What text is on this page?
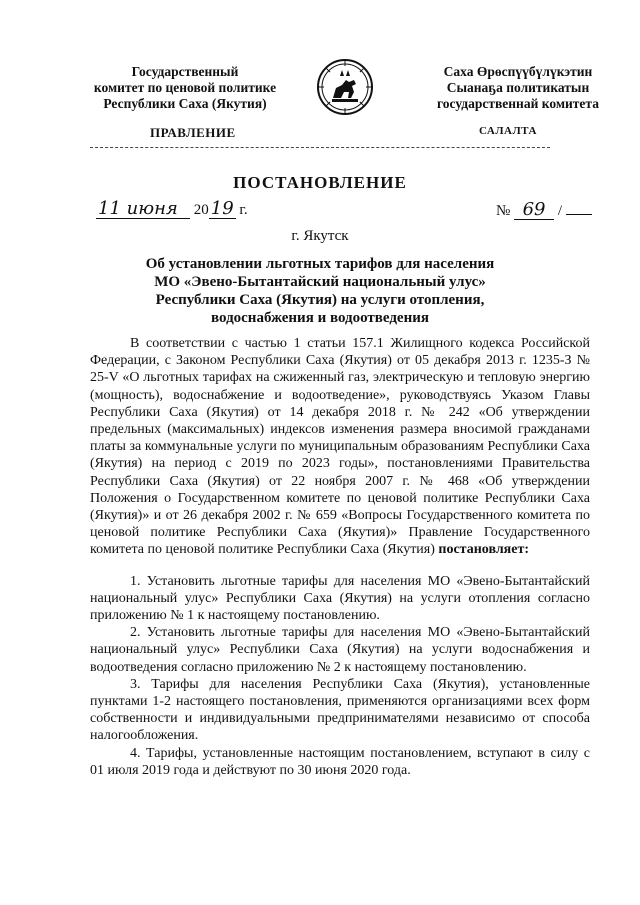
Государственный
комитет по ценовой политике
Республики Саха (Якутия)
Саха Өрөспүүбүлүкэтин
Сыанаҕа политикатын
государственнай комитета
ПРАВЛЕНИЕ	САЛАЛТА
ПОСТАНОВЛЕНИЕ
11 июня 20 19 г.	№ 69 /
г. Якутск
Об установлении льготных тарифов для населения
МО «Эвено-Бытантайский национальный улус»
Республики Саха (Якутия) на услуги отопления,
водоснабжения и водоотведения

В соответствии с частью 1 статьи 157.1 Жилищного кодекса Российской Федерации, с Законом Республики Саха (Якутия) от 05 декабря 2013 г. 1235-З № 25-V «О льготных тарифах на сжиженный газ, электрическую и тепловую энергию (мощность), водоснабжение и водоотведение», руководствуясь Указом Главы Республики Саха (Якутия) от 14 декабря 2018 г. № 242 «Об утверждении предельных (максимальных) индексов изменения размера вносимой гражданами платы за коммунальные услуги по муниципальным образованиям Республики Саха (Якутия) на период с 2019 по 2023 годы», постановлениями Правительства Республики Саха (Якутия) от 22 ноября 2007 г. № 468 «Об утверждении Положения о Государственном комитете по ценовой политике Республики Саха (Якутия)» и от 26 декабря 2002 г. № 659 «Вопросы Государственного комитета по ценовой политике Республики Саха (Якутия)» Правление Государственного комитета по ценовой политике Республики Саха (Якутия) постановляет:

1. Установить льготные тарифы для населения МО «Эвено-Бытантайский национальный улус» Республики Саха (Якутия) на услуги отопления согласно приложению № 1 к настоящему постановлению.

2. Установить льготные тарифы для населения МО «Эвено-Бытантайский национальный улус» Республики Саха (Якутия) на услуги водоснабжения и водоотведения согласно приложению № 2 к настоящему постановлению.

3. Тарифы для населения Республики Саха (Якутия), установленные пунктами 1-2 настоящего постановления, применяются организациями всех форм собственности и индивидуальными предпринимателями независимо от способа налогообложения.

4. Тарифы, установленные настоящим постановлением, вступают в силу с 01 июля 2019 года и действуют по 30 июня 2020 года.
